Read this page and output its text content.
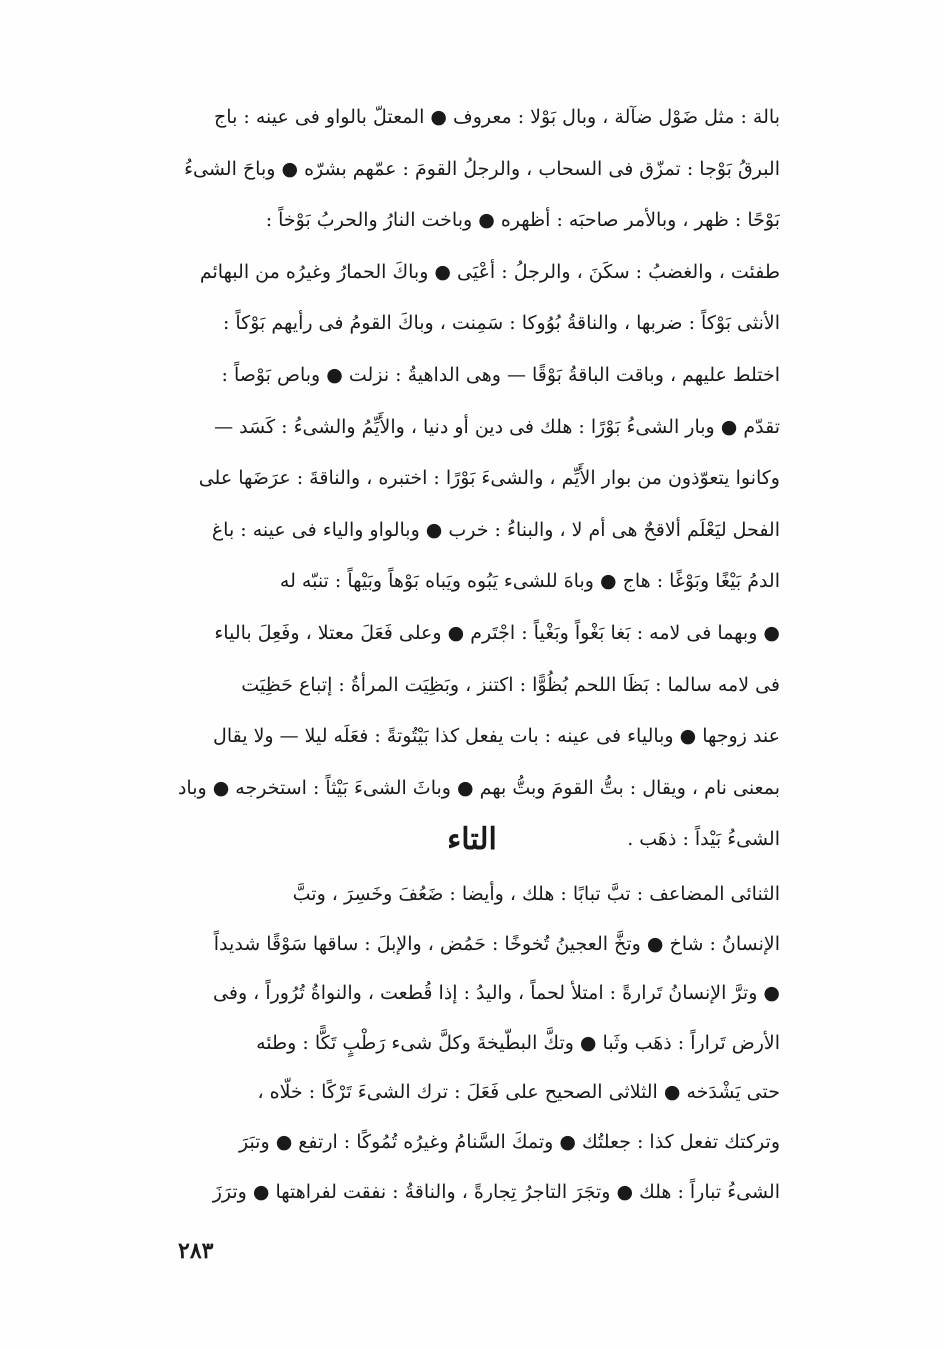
بالة : مثل ضَوْل ضآلة ، وبال بَوْلا : معروف ● المعتلّ بالواو فى عينه : باج
البرقُ بَوْجا : تمزّق فى السحاب ، والرجلُ القومَ : عمّهم بشرّه ● وباحَ الشىءُ
بَوْحًا : ظهر ، وبالأمر صاحبَه : أظهره ● وباخت النارُ والحربُ بَوْخاً :
طفئت ، والغضبُ : سكَنَ ، والرجلُ : أعْيَى ● وباكَ الحمارُ وغيرُه من البهائم
الأنثى بَوْكاً : ضربها ، والناقةُ بُوُوكا : سَمِنت ، وباكَ القومُ فى رأيهم بَوْكاً :
اختلط عليهم ، وباقت الباقةُ بَوْقًا — وهى الداهيةُ : نزلت ● وباص بَوْصاً :
تقدّم ● وبار الشىءُ بَوْرًا : هلك فى دين أو دنيا ، والأَيِّمُ والشىءُ : كَسَد —
وكانوا يتعوّذون من بوار الأَيِّم ، والشىءَ بَوْرًا : اختبره ، والناقةَ : عرَضَها على
الفحل ليَعْلَم ألاقحٌ هى أم لا ، والبناءُ : خرب ● وبالواو والياء فى عينه : باغ
الدمُ بَيْغًا وبَوْغًا : هاج ● وباهَ للشىء يَبُوه ويَباه بَوْهاً وبَيْهاً : تنبّه له
● وبهما فى لامه : بَغا بَغْواً وبَغْياً : اجْتَرم ● وعلى فَعَلَ معتلا ، وفَعِلَ بالياء
فى لامه سالما : بَظَا اللحم بُظُوًّا : اكتنز ، وبَظِيَت المرأةُ : إتباع حَظِيَت
عند زوجها ● وبالياء فى عينه : بات يفعل كذا بَيْتُوتةً : فعَلَه ليلا — ولا يقال
بمعنى نام ، ويقال : بتُّ القومَ وبتُّ بهم ● وباثَ الشىءَ بَيْثاً : استخرجه ● وباد
الشىءُ بَيْداً : ذهَب .
التاء
الثنائى المضاعف : تبَّ تبابًا : هلك ، وأيضا : ضَعُفَ وخَسِرَ ، وتبَّ
الإنسانُ : شاخ ● وتخَّ العجينُ تُخوخًا : حَمُض ، والإبلَ : ساقها سَوْقًا شديداً
● وترَّ الإنسانُ تَرارةً : امتلأ لحماً ، واليدُ : إذا قُطعت ، والنواةُ تُرُوراً ، وفى
الأرض تَراراً : ذهَب وثَبا ● وتكَّ البطّيخةَ وكلَّ شىء رَطْبٍ تَكًّا : وطئه
حتى يَشْدَخه ● الثلاثى الصحيح على فَعَلَ : ترك الشىءَ تَرْكًا : خلّاه ،
وتركتك تفعل كذا : جعلتُك ● وتمكَ السَّنامُ وغيرُه تُمُوكًا : ارتفع ● وتبَرَ
الشىءُ تباراً : هلك ● وتجَرَ التاجرُ تِجارةً ، والناقةُ : نفقت لفراهتها ● وترَزَ
٢٨٣
